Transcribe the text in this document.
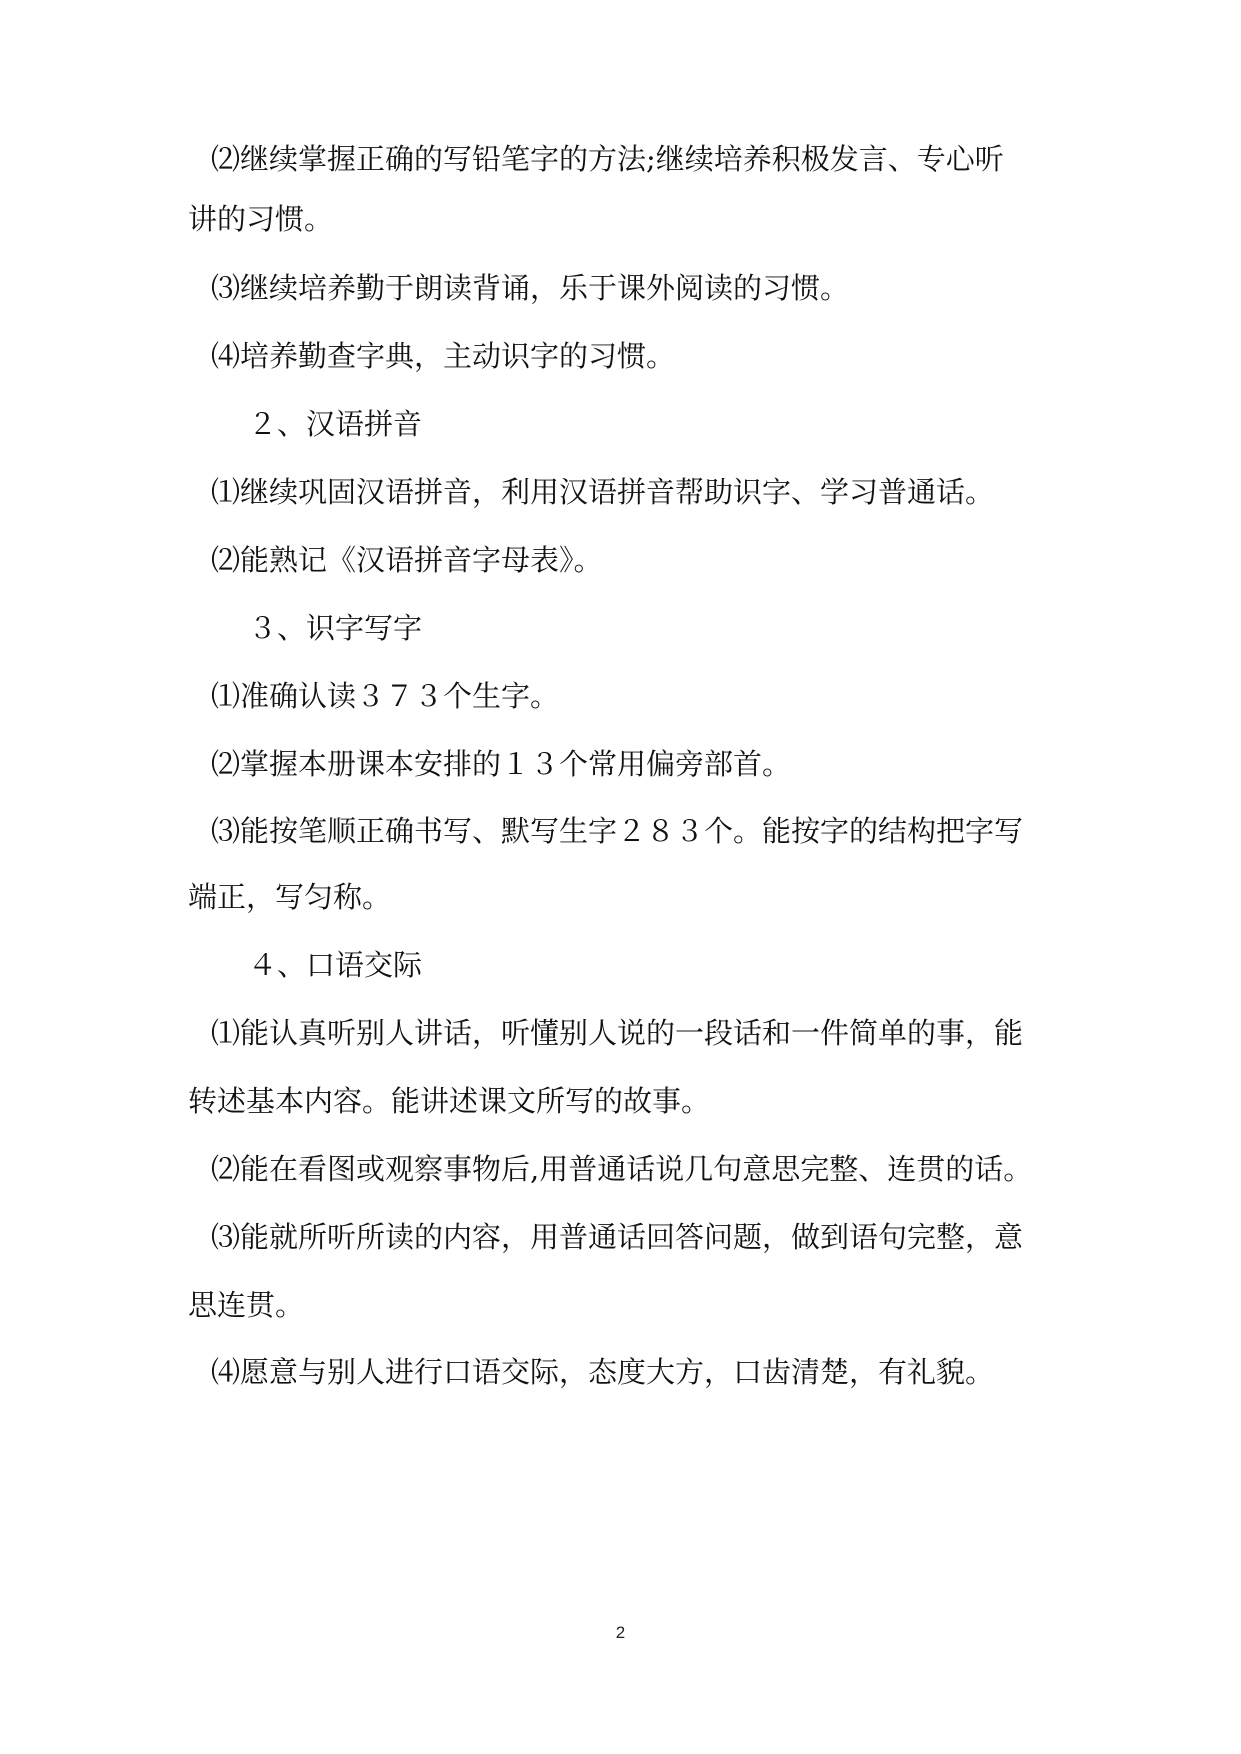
⑵继续掌握正确的写铅笔字的方法;继续培养积极发言、专心听
讲的习惯。
⑶继续培养勤于朗读背诵，乐于课外阅读的习惯。
⑷培养勤查字典，主动识字的习惯。
２、汉语拼音
⑴继续巩固汉语拼音，利用汉语拼音帮助识字、学习普通话。
⑵能熟记《汉语拼音字母表》。
３、识字写字
⑴准确认读３７３个生字。
⑵掌握本册课本安排的１３个常用偏旁部首。
⑶能按笔顺正确书写、默写生字２８３个。能按字的结构把字写
端正，写匀称。
４、口语交际
⑴能认真听别人讲话，听懂别人说的一段话和一件简单的事，能
转述基本内容。能讲述课文所写的故事。
⑵能在看图或观察事物后,用普通话说几句意思完整、连贯的话。
⑶能就所听所读的内容，用普通话回答问题，做到语句完整，意
思连贯。
⑷愿意与别人进行口语交际，态度大方，口齿清楚，有礼貌。
2
